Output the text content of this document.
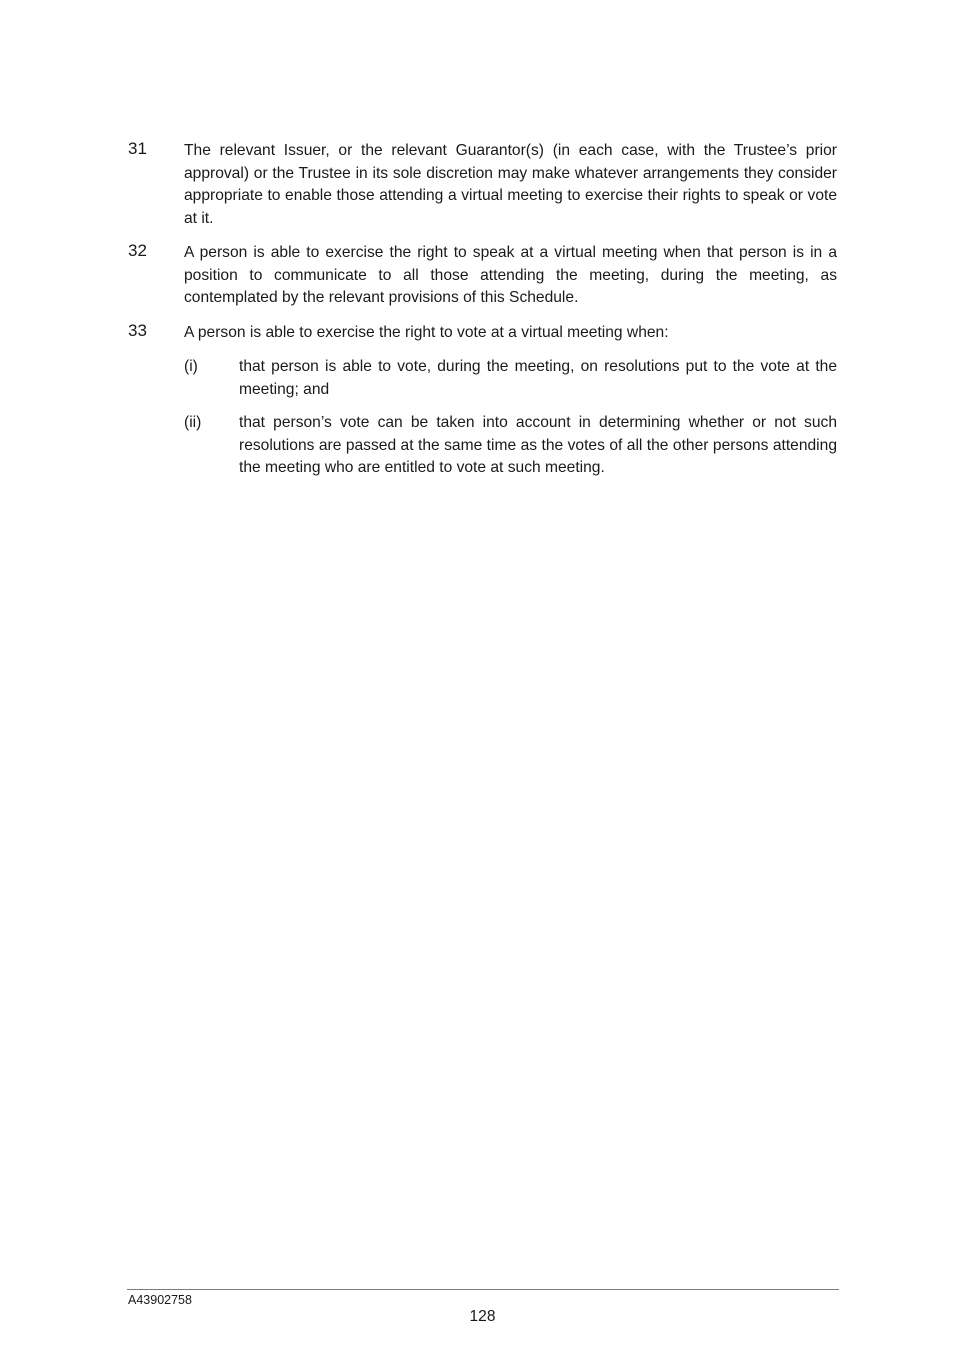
31 The relevant Issuer, or the relevant Guarantor(s) (in each case, with the Trustee’s prior approval) or the Trustee in its sole discretion may make whatever arrangements they consider appropriate to enable those attending a virtual meeting to exercise their rights to speak or vote at it.
32 A person is able to exercise the right to speak at a virtual meeting when that person is in a position to communicate to all those attending the meeting, during the meeting, as contemplated by the relevant provisions of this Schedule.
33 A person is able to exercise the right to vote at a virtual meeting when:
(i)	that person is able to vote, during the meeting, on resolutions put to the vote at the meeting; and
(ii) that person’s vote can be taken into account in determining whether or not such resolutions are passed at the same time as the votes of all the other persons attending the meeting who are entitled to vote at such meeting.
A43902758
128
